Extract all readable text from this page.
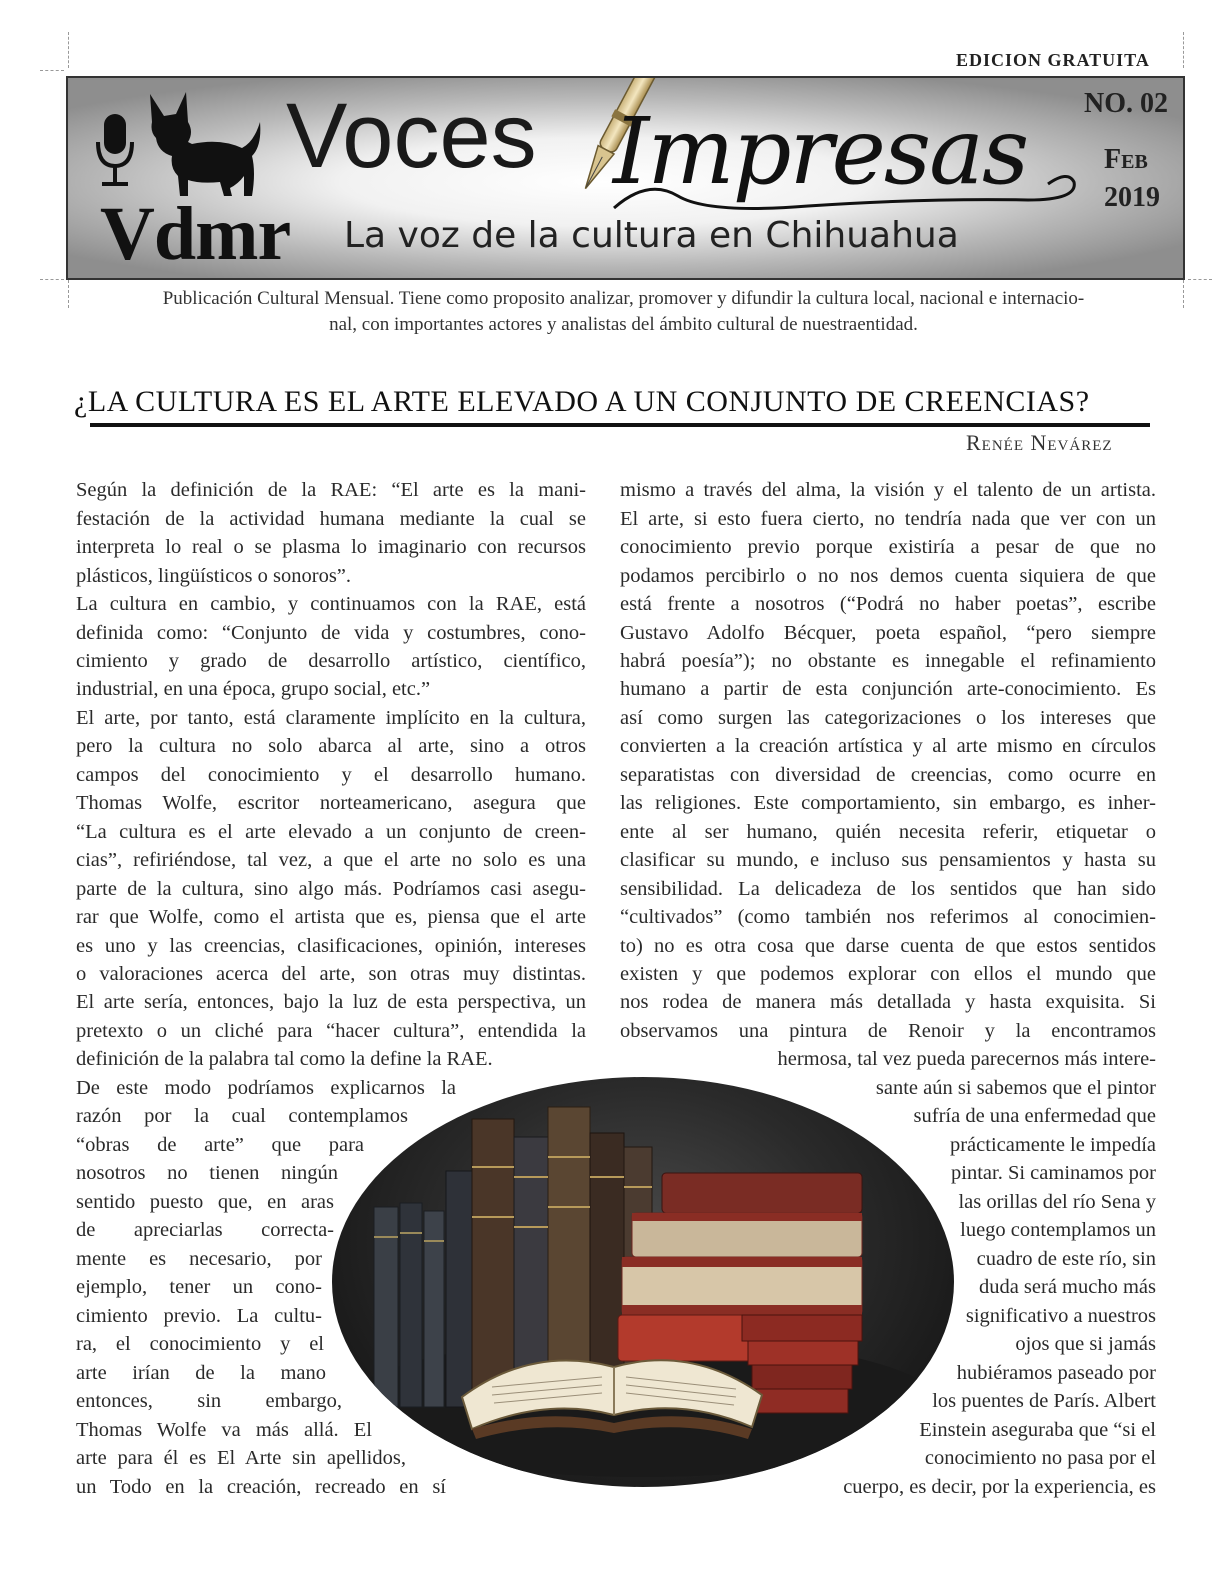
EDICION GRATUITA
Vdmr
Voces Impresas
La voz de la cultura en Chihuahua
NO. 02
Feb
2019
Publicación Cultural Mensual. Tiene como proposito analizar, promover y difundir la cultura local, nacional e internacio-
nal, con importantes actores y analistas del ámbito cultural de nuestraentidad.
¿LA CULTURA ES EL ARTE ELEVADO A UN CONJUNTO DE CREENCIAS?
Renée Nevárez
Según la definición de la RAE: “El arte es la mani-
festación de la actividad humana mediante la cual se
interpreta lo real o se plasma lo imaginario con recursos
plásticos, lingüísticos o sonoros”.
La cultura en cambio, y continuamos con la RAE, está
definida como: “Conjunto de vida y costumbres, cono-
cimiento y grado de desarrollo artístico, científico,
industrial, en una época, grupo social, etc.”
El arte, por tanto, está claramente implícito en la cultura,
pero la cultura no solo abarca al arte, sino a otros
campos del conocimiento y el desarrollo humano.
Thomas Wolfe, escritor norteamericano, asegura que
“La cultura es el arte elevado a un conjunto de creen-
cias”, refiriéndose, tal vez, a que el arte no solo es una
parte de la cultura, sino algo más. Podríamos casi asegu-
rar que Wolfe, como el artista que es, piensa que el arte
es uno y las creencias, clasificaciones, opinión, intereses
o valoraciones acerca del arte, son otras muy distintas.
El arte sería, entonces, bajo la luz de esta perspectiva, un
pretexto o un cliché para “hacer cultura”, entendida la
definición de la palabra tal como la define la RAE.
De este modo podríamos explicarnos la
razón por la cual contemplamos
“obras de arte” que para
nosotros no tienen ningún
sentido puesto que, en aras
de apreciarlas correcta-
mente es necesario, por
ejemplo, tener un cono-
cimiento previo. La cultu-
ra, el conocimiento y el
arte irían de la mano
entonces, sin embargo,
Thomas Wolfe va más allá. El
arte para él es El Arte sin apellidos,
un Todo en la creación, recreado en sí
mismo a través del alma, la visión y el talento de un artista.
El arte, si esto fuera cierto, no tendría nada que ver con un
conocimiento previo porque existiría a pesar de que no
podamos percibirlo o no nos demos cuenta siquiera de que
está frente a nosotros (“Podrá no haber poetas”, escribe
Gustavo Adolfo Bécquer, poeta español, “pero siempre
habrá poesía”); no obstante es innegable el refinamiento
humano a partir de esta conjunción arte-conocimiento. Es
así como surgen las categorizaciones o los intereses que
convierten a la creación artística y al arte mismo en círculos
separatistas con diversidad de creencias, como ocurre en
las religiones. Este comportamiento, sin embargo, es inher-
ente al ser humano, quién necesita referir, etiquetar o
clasificar su mundo, e incluso sus pensamientos y hasta su
sensibilidad. La delicadeza de los sentidos que han sido
“cultivados” (como también nos referimos al conocimien-
to) no es otra cosa que darse cuenta de que estos sentidos
existen y que podemos explorar con ellos el mundo que
nos rodea de manera más detallada y hasta exquisita. Si
observamos una pintura de Renoir y la encontramos
hermosa, tal vez pueda parecernos más intere-
sante aún si sabemos que el pintor
sufría de una enfermedad que
prácticamente le impedía
pintar. Si caminamos por
las orillas del río Sena y
luego contemplamos un
cuadro de este río, sin
duda será mucho más
significativo a nuestros
ojos que si jamás
hubiéramos paseado por
los puentes de París. Albert
Einstein aseguraba que “si el
conocimiento no pasa por el
cuerpo, es decir, por la experiencia, es
